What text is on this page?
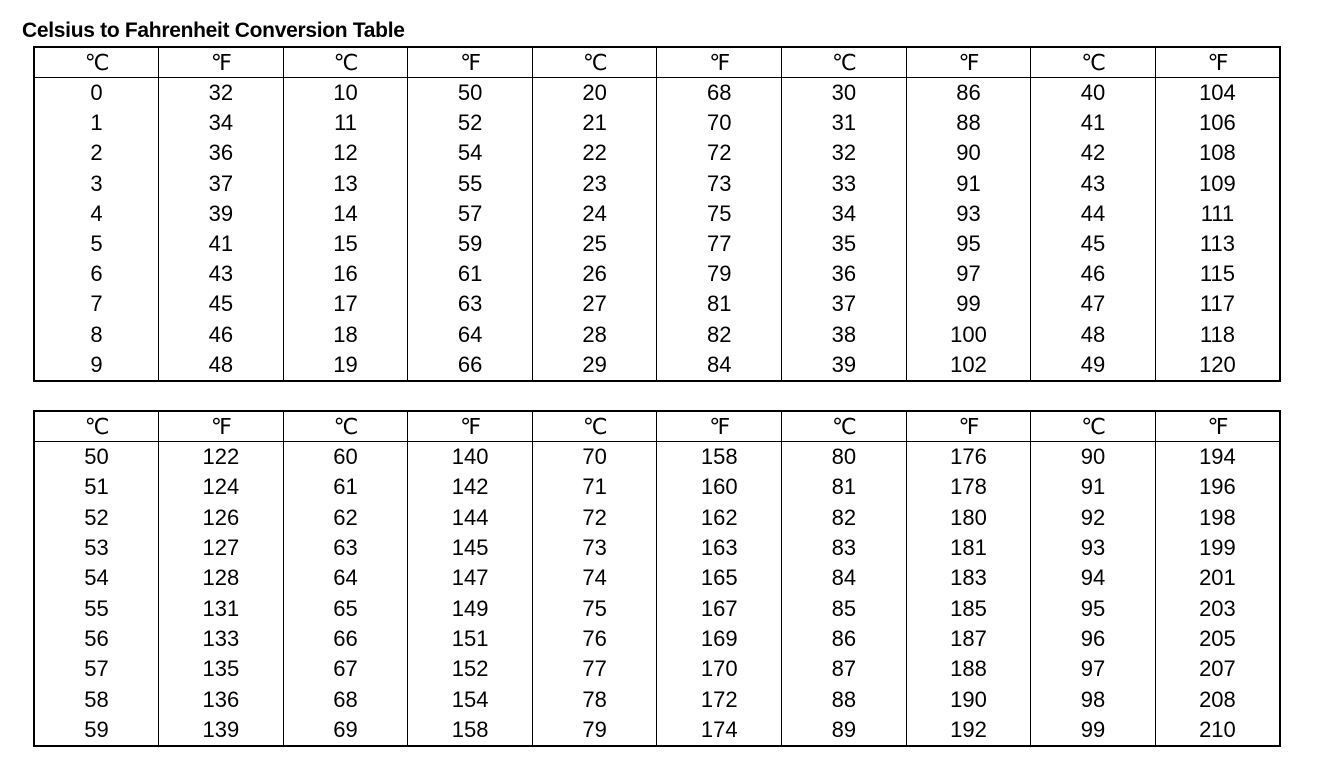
Celsius to Fahrenheit Conversion Table
℃	℉	℃	℉	℃	℉	℃	℉	℃	℉
0	32	10	50	20	68	30	86	40	104
1	34	11	52	21	70	31	88	41	106
2	36	12	54	22	72	32	90	42	108
3	37	13	55	23	73	33	91	43	109
4	39	14	57	24	75	34	93	44	111
5	41	15	59	25	77	35	95	45	113
6	43	16	61	26	79	36	97	46	115
7	45	17	63	27	81	37	99	47	117
8	46	18	64	28	82	38	100	48	118
9	48	19	66	29	84	39	102	49	120
℃	℉	℃	℉	℃	℉	℃	℉	℃	℉
50	122	60	140	70	158	80	176	90	194
51	124	61	142	71	160	81	178	91	196
52	126	62	144	72	162	82	180	92	198
53	127	63	145	73	163	83	181	93	199
54	128	64	147	74	165	84	183	94	201
55	131	65	149	75	167	85	185	95	203
56	133	66	151	76	169	86	187	96	205
57	135	67	152	77	170	87	188	97	207
58	136	68	154	78	172	88	190	98	208
59	139	69	158	79	174	89	192	99	210
